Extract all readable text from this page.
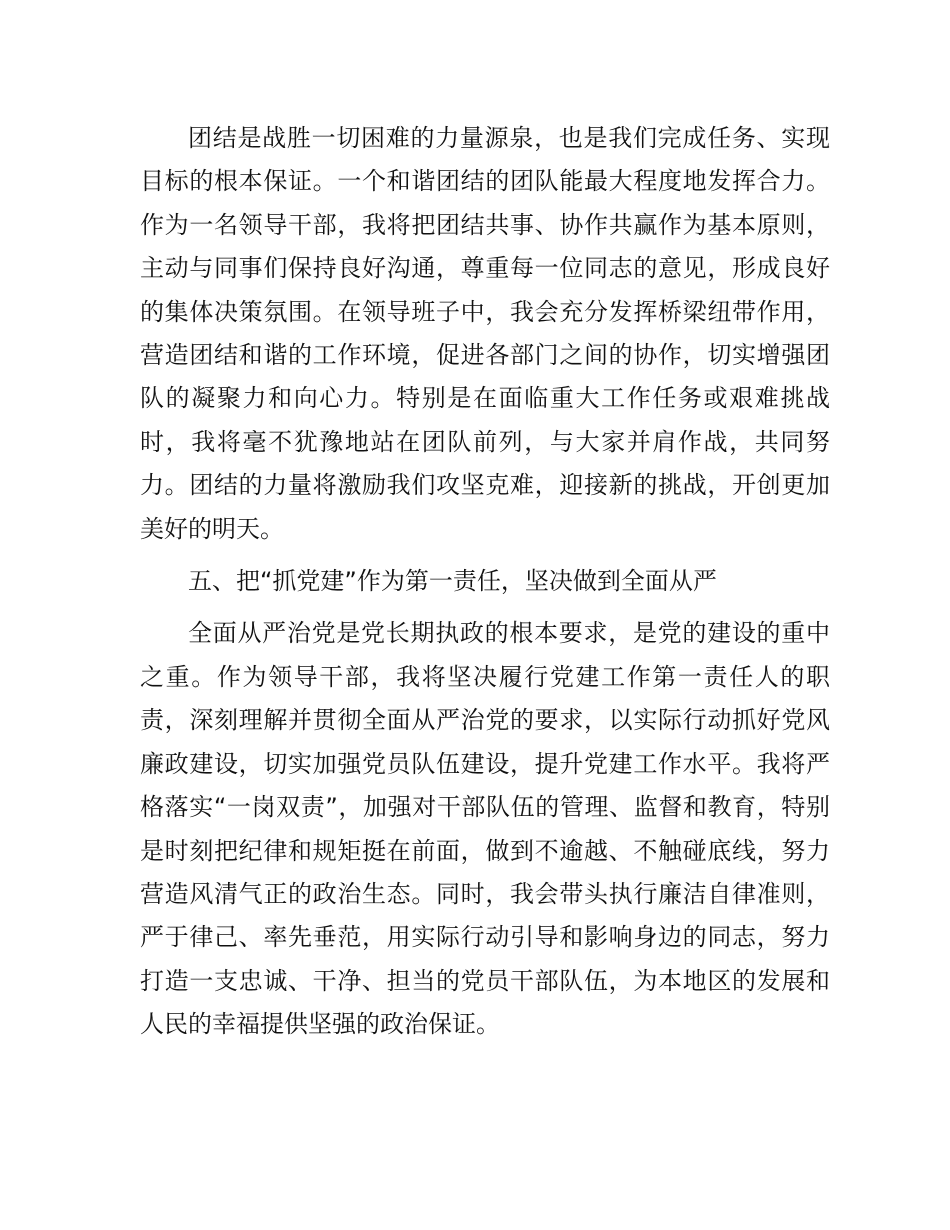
团结是战胜一切困难的力量源泉，也是我们完成任务、实现目标的根本保证。一个和谐团结的团队能最大程度地发挥合力。作为一名领导干部，我将把团结共事、协作共赢作为基本原则，主动与同事们保持良好沟通，尊重每一位同志的意见，形成良好的集体决策氛围。在领导班子中，我会充分发挥桥梁纽带作用，营造团结和谐的工作环境，促进各部门之间的协作，切实增强团队的凝聚力和向心力。特别是在面临重大工作任务或艰难挑战时，我将毫不犹豫地站在团队前列，与大家并肩作战，共同努力。团结的力量将激励我们攻坚克难，迎接新的挑战，开创更加美好的明天。

五、把“抓党建”作为第一责任，坚决做到全面从严

全面从严治党是党长期执政的根本要求，是党的建设的重中之重。作为领导干部，我将坚决履行党建工作第一责任人的职责，深刻理解并贯彻全面从严治党的要求，以实际行动抓好党风廉政建设，切实加强党员队伍建设，提升党建工作水平。我将严格落实“一岗双责”，加强对干部队伍的管理、监督和教育，特别是时刻把纪律和规矩挺在前面，做到不逾越、不触碰底线，努力营造风清气正的政治生态。同时，我会带头执行廉洁自律准则，严于律己、率先垂范，用实际行动引导和影响身边的同志，努力打造一支忠诚、干净、担当的党员干部队伍，为本地区的发展和人民的幸福提供坚强的政治保证。
